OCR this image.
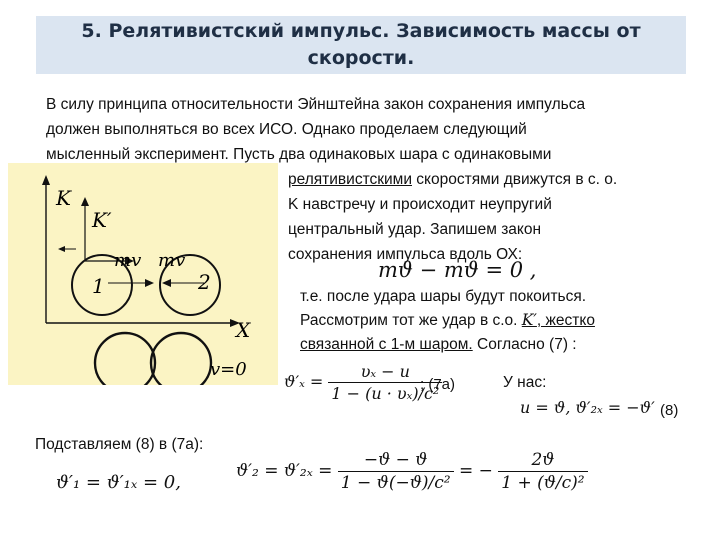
5. Релятивистский импульс. Зависимость массы от
скорости.
В силу принципа относительности Эйнштейна закон сохранения импульса
должен выполняться во всех ИСО. Однако проделаем следующий
мысленный эксперимент. Пусть два одинаковых шара с одинаковыми
K
K′
mv mv
1	2
X
v=0
релятивистскими скоростями движутся в с. о.
K навстречу и происходит неупругий
центральный удар. Запишем закон
сохранения импульса вдоль ОХ:
mϑ − mϑ = 0 ,
т.е. после удара шары будут покоиться.
Рассмотрим тот же удар в с.о. K′, жестко
связанной с 1-м шаром. Согласно (7) :
$ϑ'_x = \frac{\text{υₓ − u}}{\text{1 − (u · υₓ)/c²}}$
; (7а)	У нас:
u = ϑ, ϑ′₂ₓ = −ϑ′ (8)
Подставляем (8) в (7а):
ϑ′₁ = ϑ′₁ₓ = 0,
$ϑ'_2 = ϑ'_{2x} = \frac{-ϑ - ϑ}{\text{1 − ϑ(−ϑ)/c²}}$ = − $\frac{2ϑ}{\text{1 + (ϑ/c)²}}$
